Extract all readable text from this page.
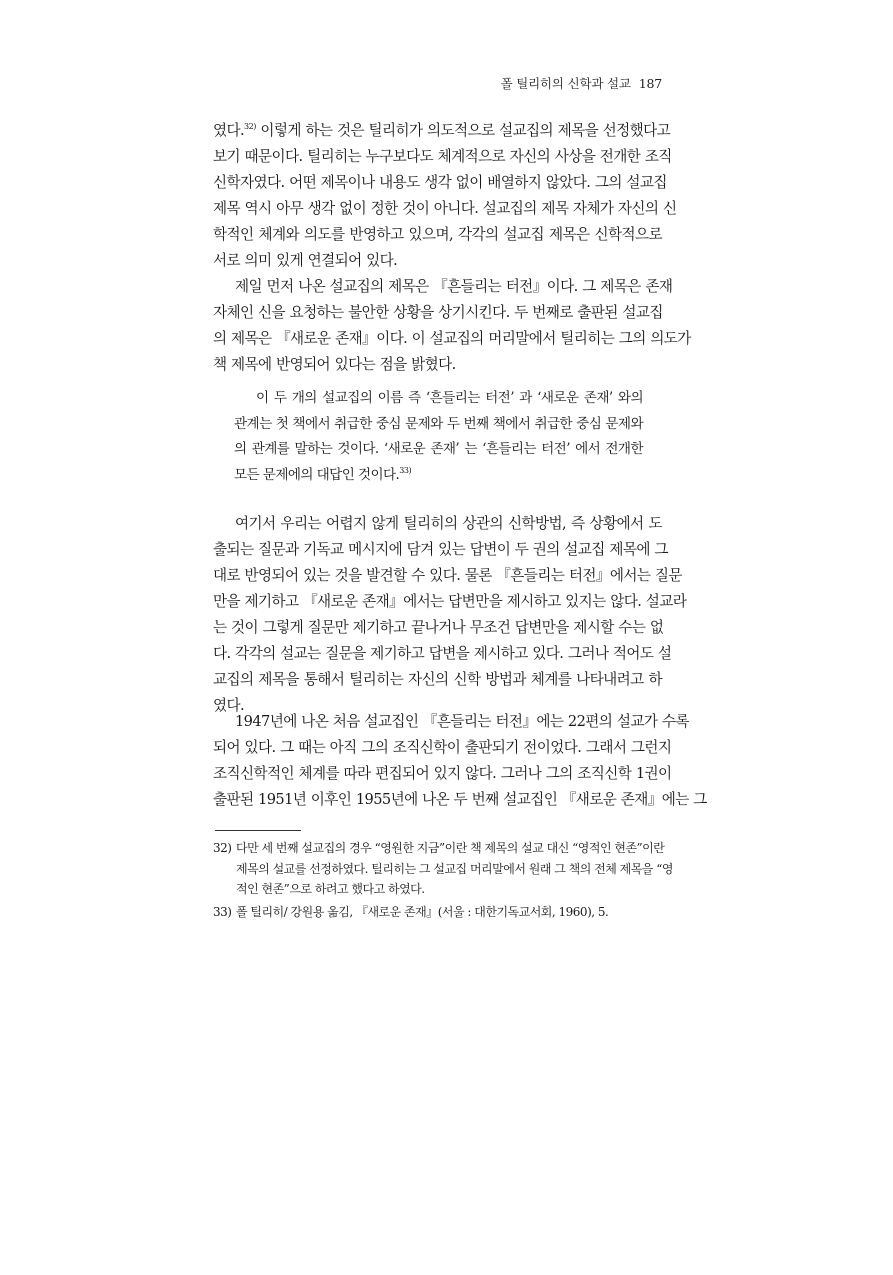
폴 틸리히의 신학과 설교 187
였다.$^{32)}$ 이렇게 하는 것은 틸리히가 의도적으로 설교집의 제목을 선정했다고
보기 때문이다. 틸리히는 누구보다도 체계적으로 자신의 사상을 전개한 조직
신학자였다. 어떤 제목이나 내용도 생각 없이 배열하지 않았다. 그의 설교집
제목 역시 아무 생각 없이 정한 것이 아니다. 설교집의 제목 자체가 자신의 신
학적인 체계와 의도를 반영하고 있으며, 각각의 설교집 제목은 신학적으로
서로 의미 있게 연결되어 있다.
제일 먼저 나온 설교집의 제목은 『흔들리는 터전』이다. 그 제목은 존재
자체인 신을 요청하는 불안한 상황을 상기시킨다. 두 번째로 출판된 설교집
의 제목은 『새로운 존재』이다. 이 설교집의 머리말에서 틸리히는 그의 의도가
책 제목에 반영되어 있다는 점을 밝혔다.
이 두 개의 설교집의 이름 즉 ‘흔들리는 터전’ 과 ‘새로운 존재’ 와의
관계는 첫 책에서 취급한 중심 문제와 두 번째 책에서 취급한 중심 문제와
의 관계를 말하는 것이다. ‘새로운 존재’ 는 ‘흔들리는 터전’ 에서 전개한
모든 문제에의 대답인 것이다.$^{33)}$
여기서 우리는 어렵지 않게 틸리히의 상관의 신학방법, 즉 상황에서 도
출되는 질문과 기독교 메시지에 담겨 있는 답변이 두 권의 설교집 제목에 그
대로 반영되어 있는 것을 발견할 수 있다. 물론 『흔들리는 터전』에서는 질문
만을 제기하고 『새로운 존재』에서는 답변만을 제시하고 있지는 않다. 설교라
는 것이 그렇게 질문만 제기하고 끝나거나 무조건 답변만을 제시할 수는 없
다. 각각의 설교는 질문을 제기하고 답변을 제시하고 있다. 그러나 적어도 설
교집의 제목을 통해서 틸리히는 자신의 신학 방법과 체계를 나타내려고 하
였다.
1947년에 나온 처음 설교집인 『흔들리는 터전』에는 22편의 설교가 수록
되어 있다. 그 때는 아직 그의 조직신학이 출판되기 전이었다. 그래서 그런지
조직신학적인 체계를 따라 편집되어 있지 않다. 그러나 그의 조직신학 1권이
출판된 1951년 이후인 1955년에 나온 두 번째 설교집인 『새로운 존재』에는 그
32) 다만 세 번째 설교집의 경우 “영원한 지금”이란 책 제목의 설교 대신 “영적인 현존”이란
제목의 설교를 선정하였다. 틸리히는 그 설교집 머리말에서 원래 그 책의 전체 제목을 “영
적인 현존”으로 하려고 했다고 하였다.
33) 폴 틸리히/ 강원용 옮김, 『새로운 존재』(서울 : 대한기독교서회, 1960), 5.
